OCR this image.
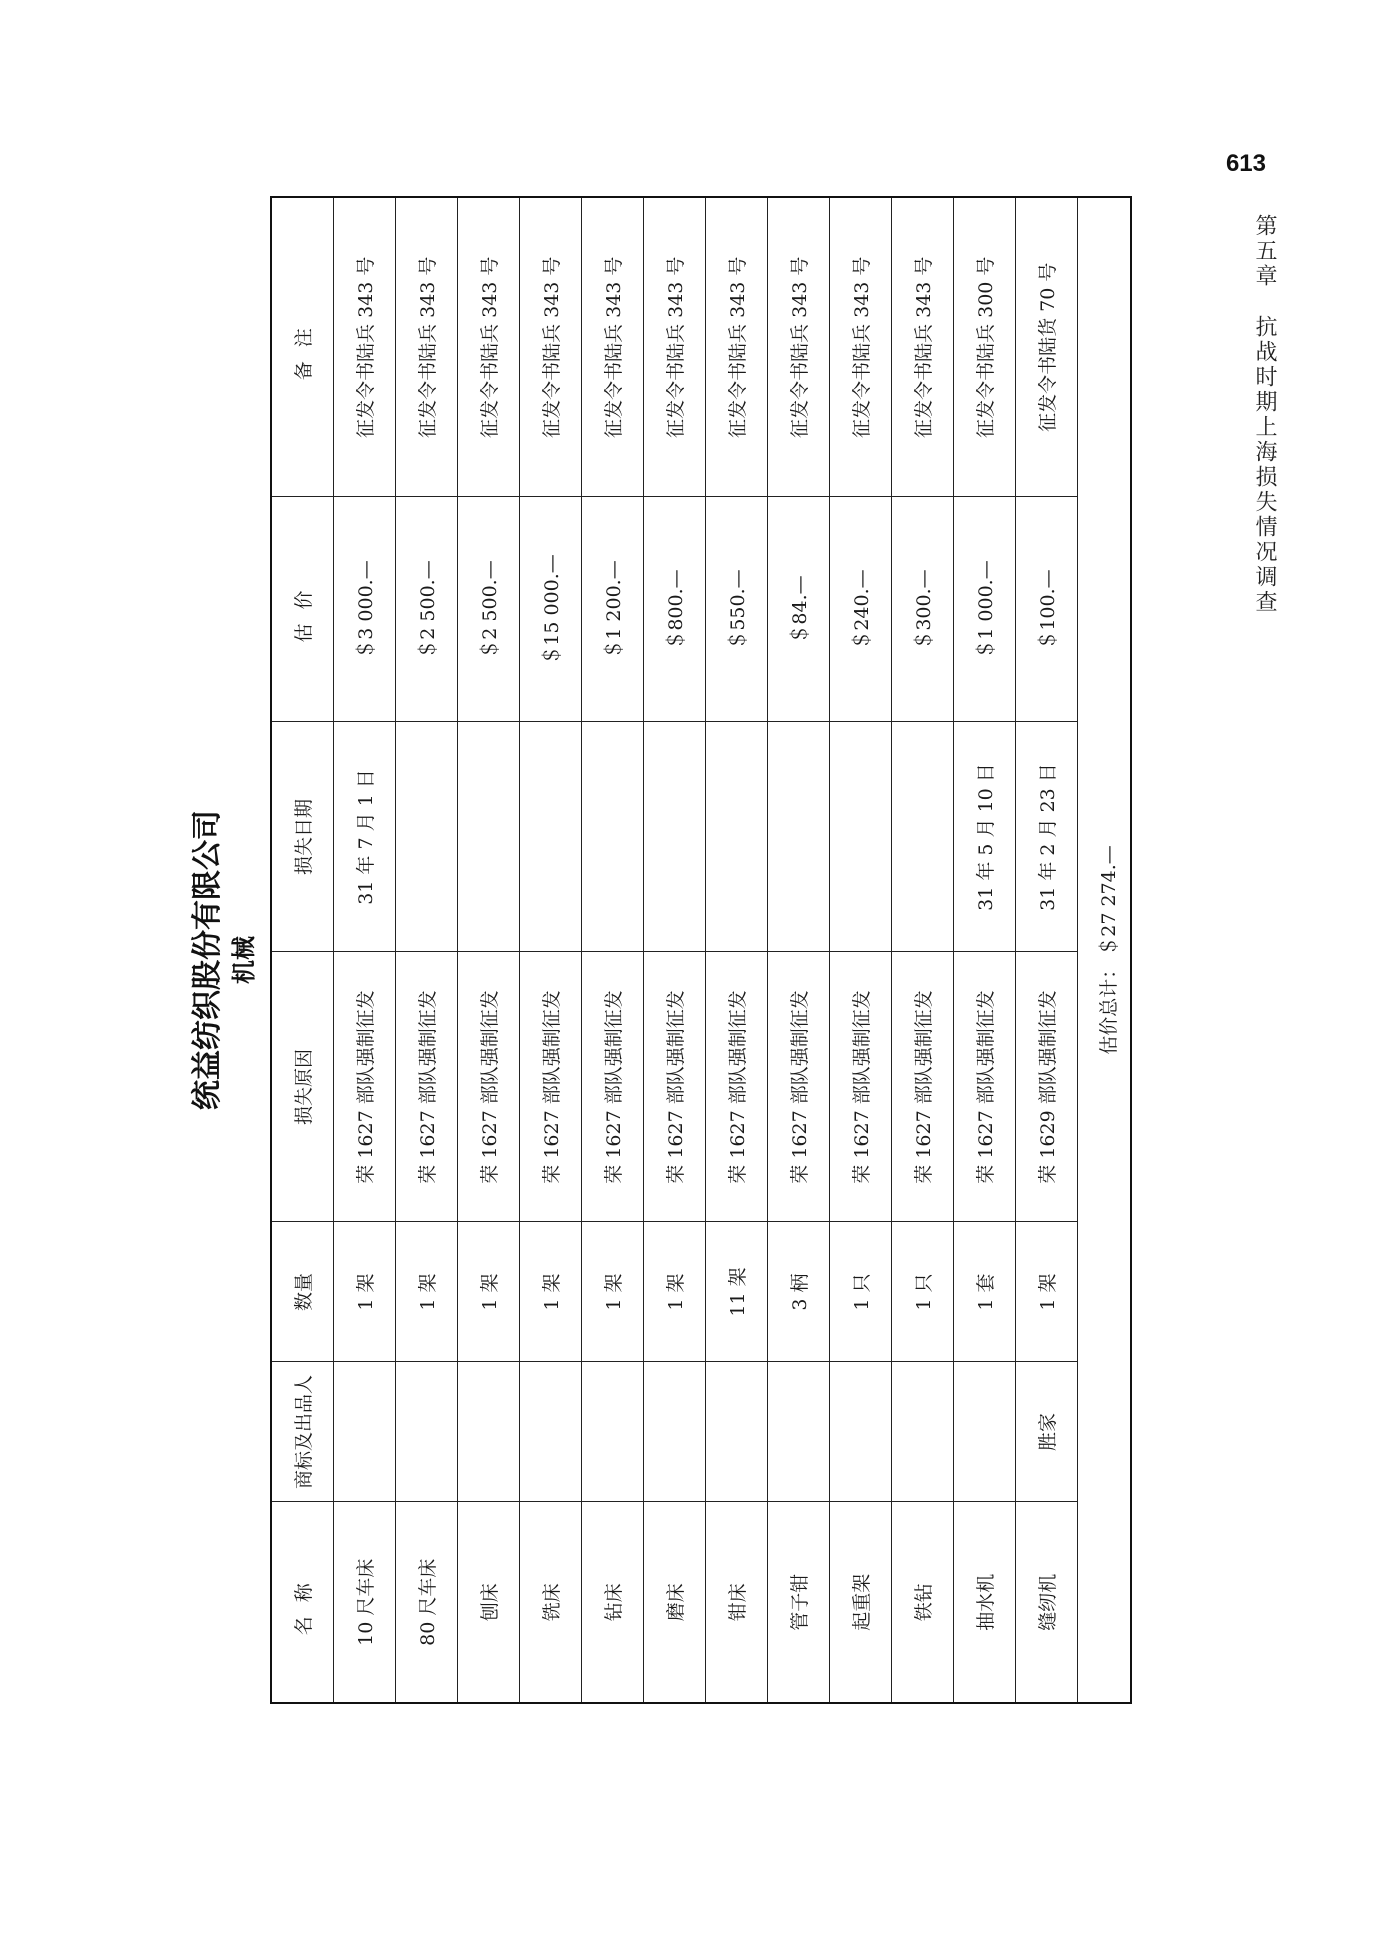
613
第五章抗战时期上海损失情况调查
统益纺织股份有限公司 机械
名称	商标及出品人	数量	损失原因	损失日期	估价	备注
10 尺车床		1 架	荣 1627 部队强制征发	31 年 7 月 1 日	＄3 000.—	征发令书陆兵 343 号
80 尺车床		1 架	荣 1627 部队强制征发		＄2 500.—	征发令书陆兵 343 号
刨床		1 架	荣 1627 部队强制征发		＄2 500.—	征发令书陆兵 343 号
铣床		1 架	荣 1627 部队强制征发		＄15 000.—	征发令书陆兵 343 号
钻床		1 架	荣 1627 部队强制征发		＄1 200.—	征发令书陆兵 343 号
磨床		1 架	荣 1627 部队强制征发		＄800.—	征发令书陆兵 343 号
钳床		11 架	荣 1627 部队强制征发		＄550.—	征发令书陆兵 343 号
管子钳		3 柄	荣 1627 部队强制征发		＄84.—	征发令书陆兵 343 号
起重架		1 只	荣 1627 部队强制征发		＄240.—	征发令书陆兵 343 号
铁钻		1 只	荣 1627 部队强制征发		＄300.—	征发令书陆兵 343 号
抽水机		1 套	荣 1627 部队强制征发	31 年 5 月 10 日	＄1 000.—	征发令书陆兵 300 号
缝纫机	胜家	1 架	荣 1629 部队强制征发	31 年 2 月 23 日	＄100.—	征发令书陆货 70 号
估价总计：＄27 274.—						
